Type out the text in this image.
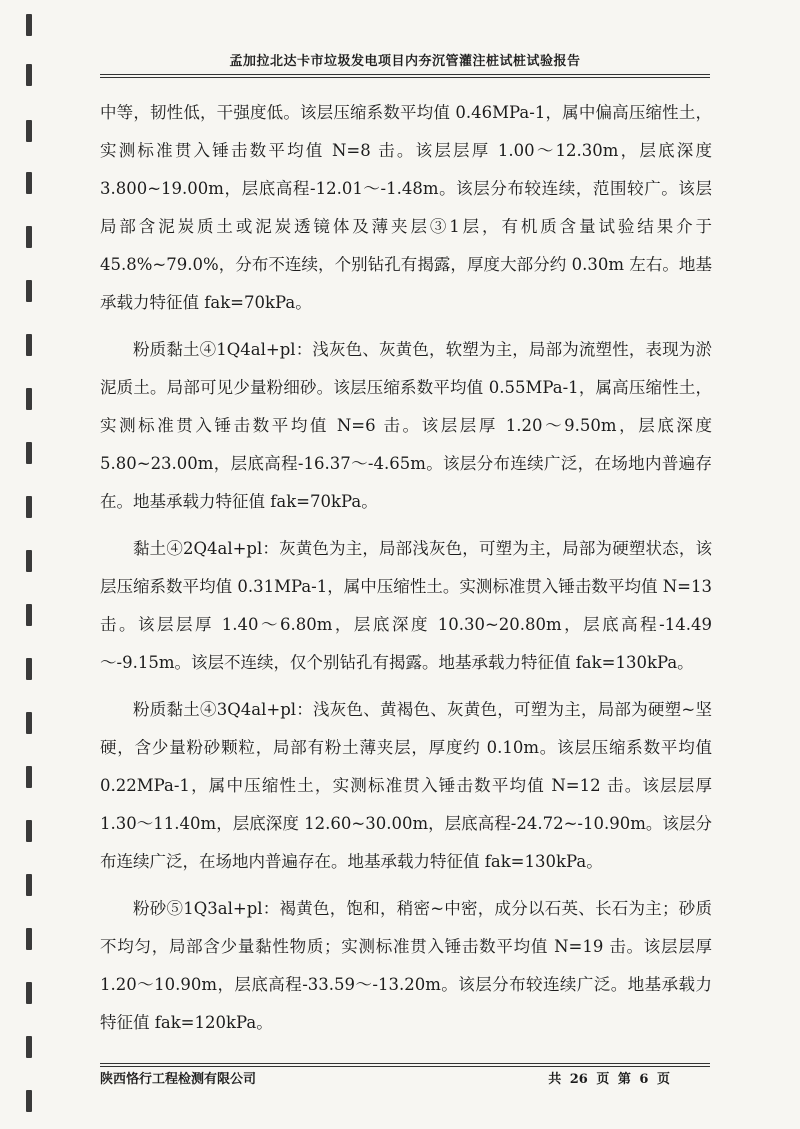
孟加拉北达卡市垃圾发电项目内夯沉管灌注桩试桩试验报告

中等，韧性低，干强度低。该层压缩系数平均值 0.46MPa-1，属中偏高压缩性土，实测标准贯入锤击数平均值 N=8 击。该层层厚 1.00～12.30m，层底深度 3.800~19.00m，层底高程-12.01～-1.48m。该层分布较连续，范围较广。该层局部含泥炭质土或泥炭透镜体及薄夹层③1层，有机质含量试验结果介于 45.8%~79.0%，分布不连续，个别钻孔有揭露，厚度大部分约 0.30m 左右。地基承载力特征值 fak=70kPa。

粉质黏土④1Q4al+pl：浅灰色、灰黄色，软塑为主，局部为流塑性，表现为淤泥质土。局部可见少量粉细砂。该层压缩系数平均值 0.55MPa-1，属高压缩性土，实测标准贯入锤击数平均值 N=6 击。该层层厚 1.20～9.50m，层底深度 5.80~23.00m，层底高程-16.37～-4.65m。该层分布连续广泛，在场地内普遍存在。地基承载力特征值 fak=70kPa。

黏土④2Q4al+pl：灰黄色为主，局部浅灰色，可塑为主，局部为硬塑状态，该层压缩系数平均值 0.31MPa-1，属中压缩性土。实测标准贯入锤击数平均值 N=13 击。该层层厚 1.40～6.80m，层底深度 10.30~20.80m，层底高程-14.49～-9.15m。该层不连续，仅个别钻孔有揭露。地基承载力特征值 fak=130kPa。

粉质黏土④3Q4al+pl：浅灰色、黄褐色、灰黄色，可塑为主，局部为硬塑~坚硬，含少量粉砂颗粒，局部有粉土薄夹层，厚度约 0.10m。该层压缩系数平均值 0.22MPa-1，属中压缩性土，实测标准贯入锤击数平均值 N=12 击。该层层厚 1.30～11.40m，层底深度 12.60~30.00m，层底高程-24.72~-10.90m。该层分布连续广泛，在场地内普遍存在。地基承载力特征值 fak=130kPa。

粉砂⑤1Q3al+pl：褐黄色，饱和，稍密~中密，成分以石英、长石为主；砂质不均匀，局部含少量黏性物质；实测标准贯入锤击数平均值 N=19 击。该层层厚 1.20～10.90m，层底高程-33.59～-13.20m。该层分布较连续广泛。地基承载力特征值 fak=120kPa。

陕西恪行工程检测有限公司	共 26 页 第 6 页
